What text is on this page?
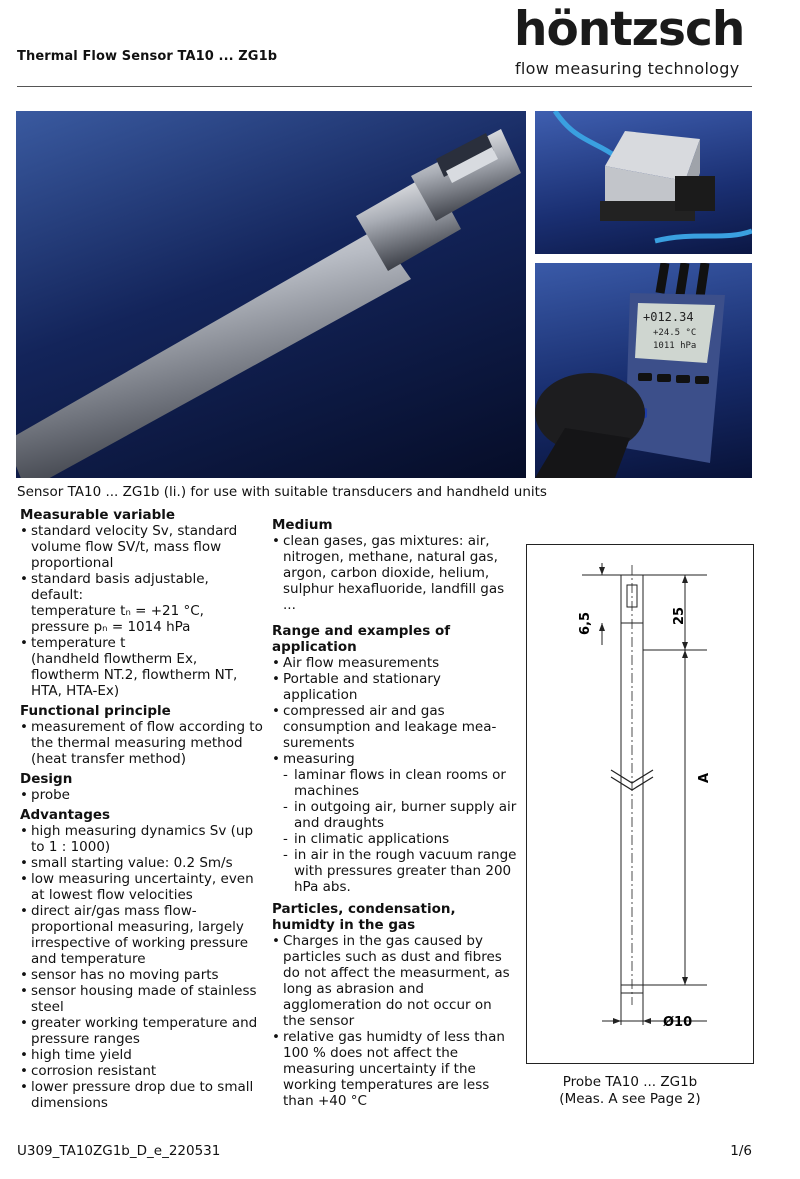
Thermal Flow Sensor TA10 ... ZG1b	höntzsch
flow measuring technology
+012.34
+24.5 °C
1011 hPa
Sensor TA10 ... ZG1b (li.) for use with suitable transducers and handheld units
Measurable variable
• standard velocity Sv, standard volume flow SV/t, mass flow proportional
• standard basis adjustable, default:
temperature tₙ = +21 °C,
pressure pₙ = 1014 hPa
• temperature t
(handheld flowtherm Ex, flowtherm NT.2, flowtherm NT, HTA, HTA-Ex)
Functional principle
• measurement of flow according to the thermal measuring method (heat transfer method)
Design
• probe
Advantages
• high measuring dynamics Sv (up to 1 : 1000)
• small starting value: 0.2 Sm/s
• low measuring uncertainty, even at lowest flow velocities
• direct air/gas mass flow-proportional measuring, largely irrespective of working pressure and temperature
• sensor has no moving parts
• sensor housing made of stainless steel
• greater working temperature and pressure ranges
• high time yield
• corrosion resistant
• lower pressure drop due to small dimensions
Medium
• clean gases, gas mixtures: air, nitrogen, methane, natural gas, argon, carbon dioxide, helium, sulphur hexafluoride, landfill gas ...
Range and examples of application
• Air flow measurements
• Portable and stationary application
• compressed air and gas consumption and leakage mea-surements
• measuring
- laminar flows in clean rooms or machines
- in outgoing air, burner supply air and draughts
- in climatic applications
- in air in the rough vacuum range with pressures greater than 200 hPa abs.
Particles, condensation, humidty in the gas
• Charges in the gas caused by particles such as dust and fibres do not affect the measurment, as long as abrasion and agglomeration do not occur on the sensor
• relative gas humidty of less than 100 % does not affect the measuring uncertainty if the working temperatures are less than +40 °C
6,5	25
A
Ø10
Probe TA10 ... ZG1b
(Meas. A see Page 2)
U309_TA10ZG1b_D_e_220531	1/6
